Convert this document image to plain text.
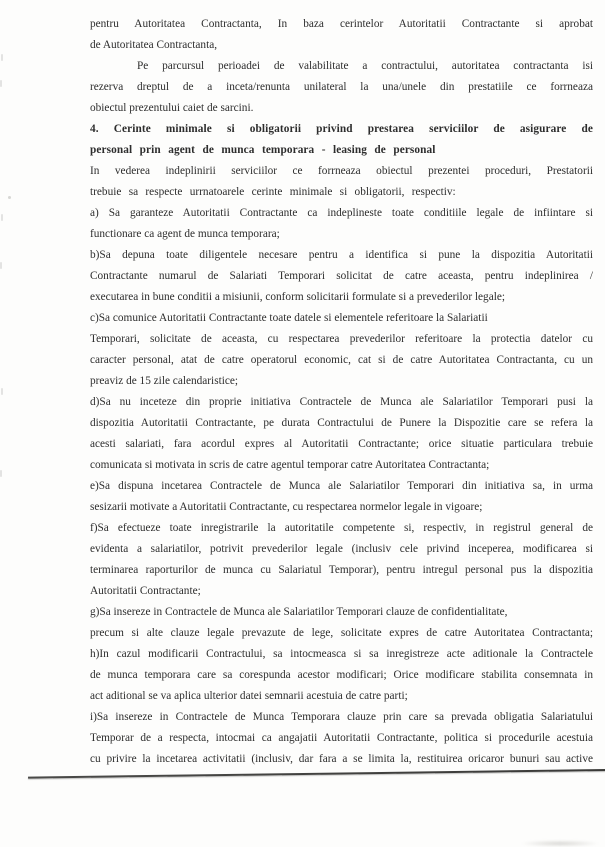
pentru Autoritatea Contractanta, In baza cerintelor Autoritatii Contractante si aprobat
de Autoritatea Contractanta,
Pe parcursul perioadei de valabilitate a contractului, autoritatea contractanta isi
rezerva dreptul de a inceta/renunta unilateral la una/unele din prestatiile ce forrneaza
obiectul prezentului caiet de sarcini.
4. Cerinte minimale si obligatorii privind prestarea serviciilor de asigurare de
personal prin agent de munca temporara - leasing de personal
In vederea indeplinirii serviciilor ce forrneaza obiectul prezentei proceduri, Prestatorii
trebuie sa respecte urrnatoarele cerinte minimale si obligatorii, respectiv:
a) Sa garanteze Autoritatii Contractante ca indeplineste toate conditiile legale de infiintare si
functionare ca agent de munca temporara;
b)Sa depuna toate diligentele necesare pentru a identifica si pune la dispozitia Autoritatii
Contractante numarul de Salariati Temporari solicitat de catre aceasta, pentru indeplinirea /
executarea in bune conditii a misiunii, conform solicitarii formulate si a prevederilor legale;
c)Sa comunice Autoritatii Contractante toate datele si elementele referitoare la Salariatii
Temporari, solicitate de aceasta, cu respectarea prevederilor referitoare la protectia datelor cu
caracter personal, atat de catre operatorul economic, cat si de catre Autoritatea Contractanta, cu un
preaviz de 15 zile calendaristice;
d)Sa nu inceteze din proprie initiativa Contractele de Munca ale Salariatilor Temporari pusi la
dispozitia Autoritatii Contractante, pe durata Contractului de Punere la Dispozitie care se refera la
acesti salariati, fara acordul expres al Autoritatii Contractante; orice situatie particulara trebuie
comunicata si motivata in scris de catre agentul temporar catre Autoritatea Contractanta;
e)Sa dispuna incetarea Contractele de Munca ale Salariatilor Temporari din initiativa sa, in urma
sesizarii motivate a Autoritatii Contractante, cu respectarea normelor legale in vigoare;
f)Sa efectueze toate inregistrarile la autoritatile competente si, respectiv, in registrul general de
evidenta a salariatilor, potrivit prevederilor legale (inclusiv cele privind inceperea, modificarea si
terminarea raporturilor de munca cu Salariatul Temporar), pentru intregul personal pus la dispozitia
Autoritatii Contractante;
g)Sa insereze in Contractele de Munca ale Salariatilor Temporari clauze de confidentialitate,
precum si alte clauze legale prevazute de lege, solicitate expres de catre Autoritatea Contractanta;
h)In cazul modificarii Contractului, sa intocmeasca si sa inregistreze acte aditionale la Contractele
de munca temporara care sa corespunda acestor modificari; Orice modificare stabilita consemnata in
act aditional se va aplica ulterior datei semnarii acestuia de catre parti;
i)Sa insereze in Contractele de Munca Temporara clauze prin care sa prevada obligatia Salariatului
Temporar de a respecta, intocmai ca angajatii Autoritatii Contractante, politica si procedurile acestuia
cu privire la incetarea activitatii (inclusiv, dar fara a se limita la, restituirea oricaror bunuri sau active
